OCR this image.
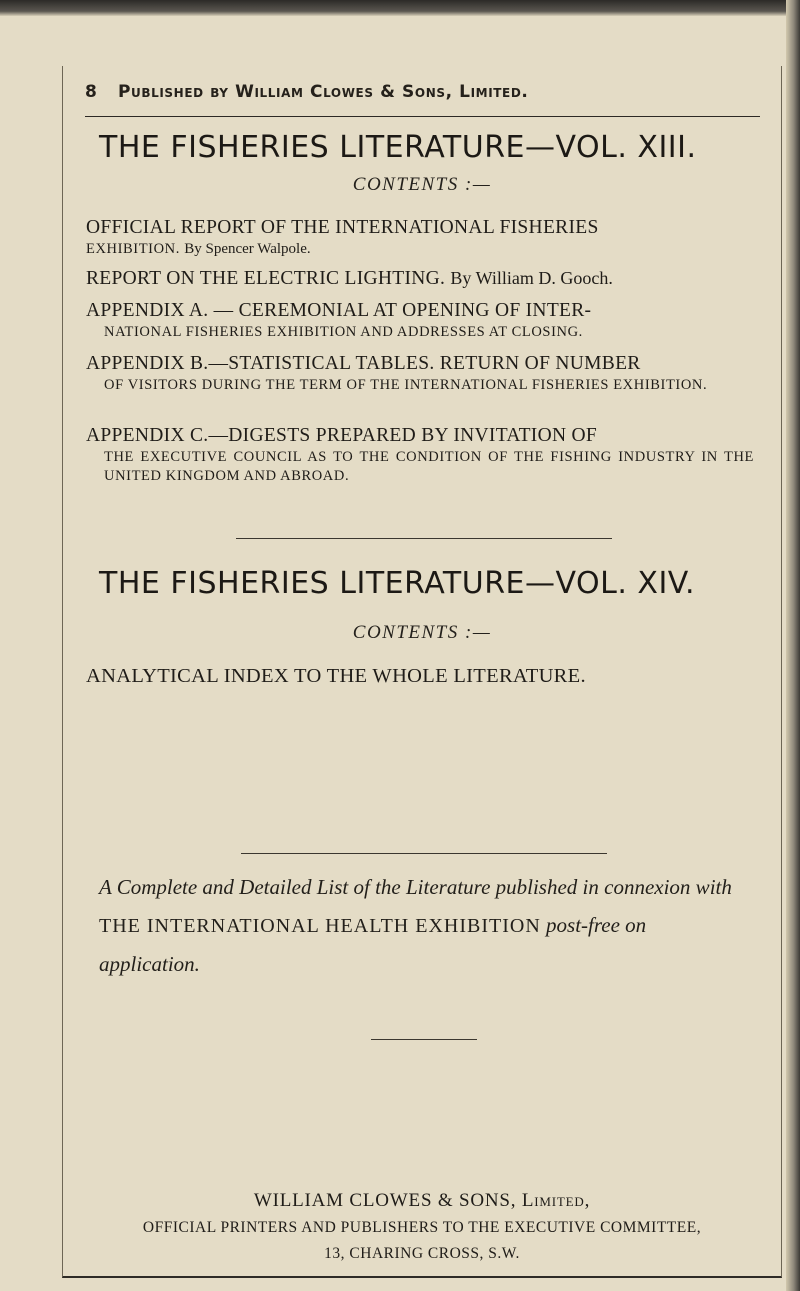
8 Published by William Clowes & Sons, Limited.
THE FISHERIES LITERATURE—VOL. XIII.
CONTENTS :—
OFFICIAL REPORT OF THE INTERNATIONAL FISHERIES
EXHIBITION. By Spencer Walpole.
REPORT ON THE ELECTRIC LIGHTING. By William D. Gooch.
APPENDIX A. — CEREMONIAL AT OPENING OF INTER-
NATIONAL FISHERIES EXHIBITION AND ADDRESSES AT CLOSING.
APPENDIX B.—STATISTICAL TABLES. RETURN OF NUMBER
OF VISITORS DURING THE TERM OF THE INTERNATIONAL FISHERIES EXHIBITION.
APPENDIX C.—DIGESTS PREPARED BY INVITATION OF
THE EXECUTIVE COUNCIL AS TO THE CONDITION OF THE FISHING INDUSTRY IN THE UNITED KINGDOM AND ABROAD.
THE FISHERIES LITERATURE—VOL. XIV.
CONTENTS :—
ANALYTICAL INDEX TO THE WHOLE LITERATURE.
A Complete and Detailed List of the Literature published in connexion with THE INTERNATIONAL HEALTH EXHIBITION post-free on application.
WILLIAM CLOWES & SONS, Limited,
OFFICIAL PRINTERS AND PUBLISHERS TO THE EXECUTIVE COMMITTEE,
13, CHARING CROSS, S.W.
